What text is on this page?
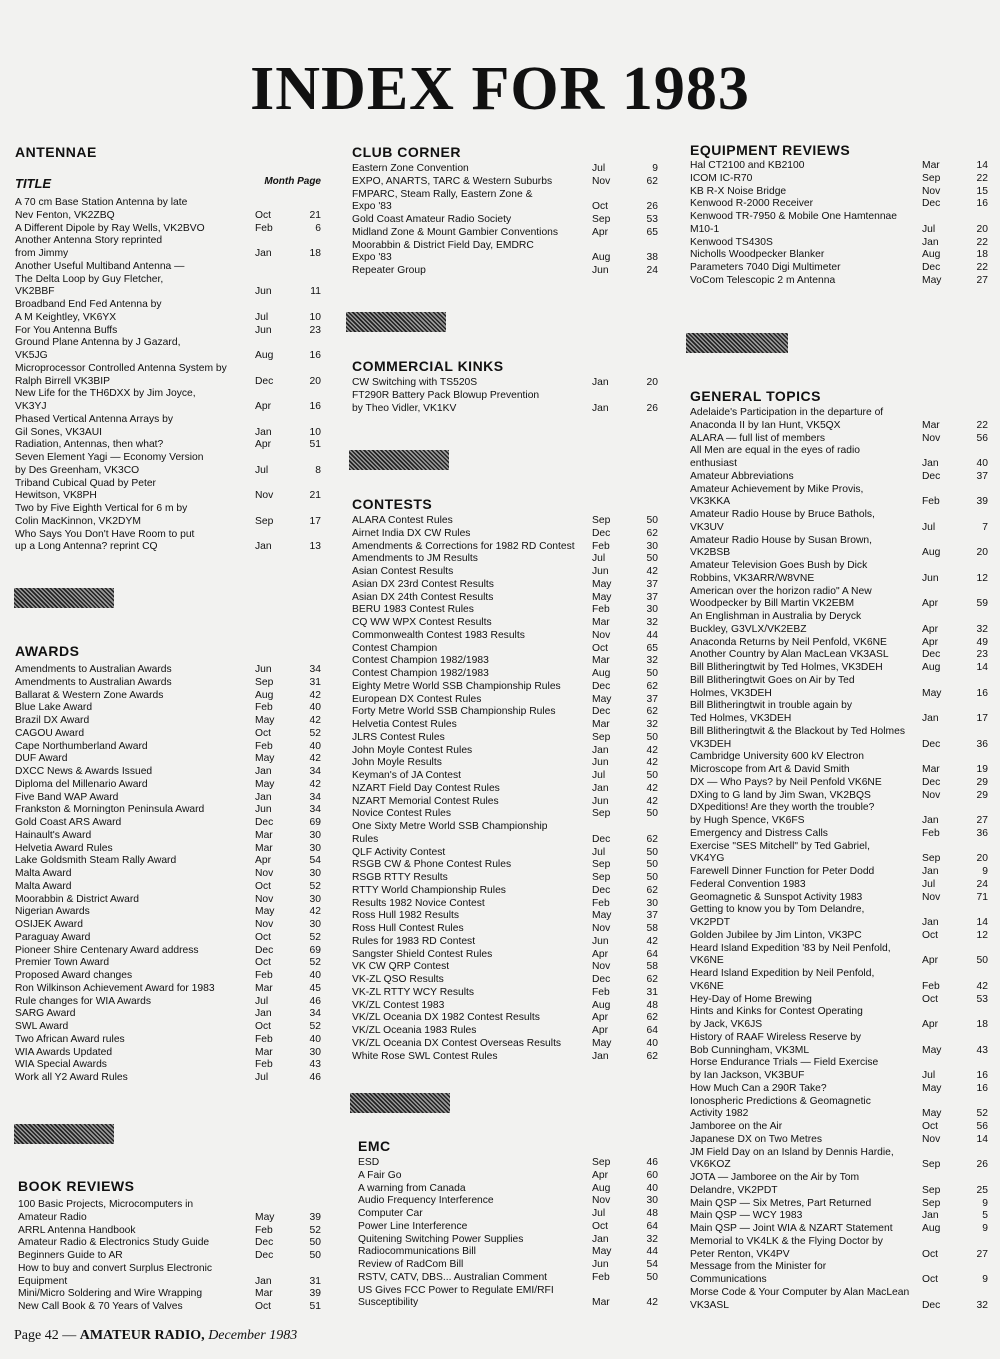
INDEX FOR 1983
ANTENNAE
TITLE	Month Page
A 70 cm Base Station Antenna by late
Nev Fenton, VK2ZBQ	Oct	21
A Different Dipole by Ray Wells, VK2BVO	Feb	6
Another Antenna Story reprinted
from Jimmy	Jan	18
Another Useful Multiband Antenna —
The Delta Loop by Guy Fletcher,
VK2BBF	Jun	11
Broadband End Fed Antenna by
A M Keightley, VK6YX	Jul	10
For You Antenna Buffs	Jun	23
Ground Plane Antenna by J Gazard,
VK5JG	Aug	16
Microprocessor Controlled Antenna System by
Ralph Birrell VK3BIP	Dec	20
New Life for the TH6DXX by Jim Joyce,
VK3YJ	Apr	16
Phased Vertical Antenna Arrays by
Gil Sones, VK3AUI	Jan	10
Radiation, Antennas, then what?	Apr	51
Seven Element Yagi — Economy Version
by Des Greenham, VK3CO	Jul	8
Triband Cubical Quad by Peter
Hewitson, VK8PH	Nov	21
Two by Five Eighth Vertical for 6 m by
Colin MacKinnon, VK2DYM	Sep	17
Who Says You Don't Have Room to put
up a Long Antenna? reprint CQ	Jan	13
AWARDS
Amendments to Australian Awards	Jun	34
Amendments to Australian Awards	Sep	31
Ballarat & Western Zone Awards	Aug	42
Blue Lake Award	Feb	40
Brazil DX Award	May	42
CAGOU Award	Oct	52
Cape Northumberland Award	Feb	40
DUF Award	May	42
DXCC News & Awards Issued	Jan	34
Diploma del Millenario Award	May	42
Five Band WAP Award	Jan	34
Frankston & Mornington Peninsula Award	Jun	34
Gold Coast ARS Award	Dec	69
Hainault's Award	Mar	30
Helvetia Award Rules	Mar	30
Lake Goldsmith Steam Rally Award	Apr	54
Malta Award	Nov	30
Malta Award	Oct	52
Moorabbin & District Award	Nov	30
Nigerian Awards	May	42
OSIJEK Award	Nov	30
Paraguay Award	Oct	52
Pioneer Shire Centenary Award address	Dec	69
Premier Town Award	Oct	52
Proposed Award changes	Feb	40
Ron Wilkinson Achievement Award for 1983	Mar	45
Rule changes for WIA Awards	Jul	46
SARG Award	Jan	34
SWL Award	Oct	52
Two African Award rules	Feb	40
WIA Awards Updated	Mar	30
WIA Special Awards	Feb	43
Work all Y2 Award Rules	Jul	46
BOOK REVIEWS
100 Basic Projects, Microcomputers in
Amateur Radio	May	39
ARRL Antenna Handbook	Feb	52
Amateur Radio & Electronics Study Guide	Dec	50
Beginners Guide to AR	Dec	50
How to buy and convert Surplus Electronic
Equipment	Jan	31
Mini/Micro Soldering and Wire Wrapping	Mar	39
New Call Book & 70 Years of Valves	Oct	51
CLUB CORNER
Eastern Zone Convention	Jul	9
EXPO, ANARTS, TARC & Western Suburbs	Nov	62
FMPARC, Steam Rally, Eastern Zone &
Expo '83	Oct	26
Gold Coast Amateur Radio Society	Sep	53
Midland Zone & Mount Gambier Conventions	Apr	65
Moorabbin & District Field Day, EMDRC
Expo '83	Aug	38
Repeater Group	Jun	24
COMMERCIAL KINKS
CW Switching with TS520S	Jan	20
FT290R Battery Pack Blowup Prevention
by Theo Vidler, VK1KV	Jan	26
CONTESTS
ALARA Contest Rules	Sep	50
Airnet India DX CW Rules	Dec	62
Amendments & Corrections for 1982 RD Contest	Feb	30
Amendments to JM Results	Jul	50
Asian Contest Results	Jun	42
Asian DX 23rd Contest Results	May	37
Asian DX 24th Contest Results	May	37
BERU 1983 Contest Rules	Feb	30
CQ WW WPX Contest Results	Mar	32
Commonwealth Contest 1983 Results	Nov	44
Contest Champion	Oct	65
Contest Champion 1982/1983	Mar	32
Contest Champion 1982/1983	Aug	50
Eighty Metre World SSB Championship Rules	Dec	62
European DX Contest Rules	May	37
Forty Metre World SSB Championship Rules	Dec	62
Helvetia Contest Rules	Mar	32
JLRS Contest Rules	Sep	50
John Moyle Contest Rules	Jan	42
John Moyle Results	Jun	42
Keyman's of JA Contest	Jul	50
NZART Field Day Contest Rules	Jan	42
NZART Memorial Contest Rules	Jun	42
Novice Contest Rules	Sep	50
One Sixty Metre World SSB Championship
Rules	Dec	62
QLF Activity Contest	Jul	50
RSGB CW & Phone Contest Rules	Sep	50
RSGB RTTY Results	Sep	50
RTTY World Championship Rules	Dec	62
Results 1982 Novice Contest	Feb	30
Ross Hull 1982 Results	May	37
Ross Hull Contest Rules	Nov	58
Rules for 1983 RD Contest	Jun	42
Sangster Shield Contest Rules	Apr	64
VK CW QRP Contest	Nov	58
VK-ZL QSO Results	Dec	62
VK-ZL RTTY WCY Results	Feb	31
VK/ZL Contest 1983	Aug	48
VK/ZL Oceania DX 1982 Contest Results	Apr	62
VK/ZL Oceania 1983 Rules	Apr	64
VK/ZL Oceania DX Contest Overseas Results	May	40
White Rose SWL Contest Rules	Jan	62
EMC
ESD	Sep	46
A Fair Go	Apr	60
A warning from Canada	Aug	40
Audio Frequency Interference	Nov	30
Computer Car	Jul	48
Power Line Interference	Oct	64
Quitening Switching Power Supplies	Jan	32
Radiocommunications Bill	May	44
Review of RadCom Bill	Jun	54
RSTV, CATV, DBS... Australian Comment	Feb	50
US Gives FCC Power to Regulate EMI/RFI
Susceptibility	Mar	42
EQUIPMENT REVIEWS
Hal CT2100 and KB2100	Mar	14
ICOM IC-R70	Sep	22
KB R-X Noise Bridge	Nov	15
Kenwood R-2000 Receiver	Dec	16
Kenwood TR-7950 & Mobile One Hamtennae
M10-1	Jul	20
Kenwood TS430S	Jan	22
Nicholls Woodpecker Blanker	Aug	18
Parameters 7040 Digi Multimeter	Dec	22
VoCom Telescopic 2 m Antenna	May	27
GENERAL TOPICS
Adelaide's Participation in the departure of
Anaconda II by Ian Hunt, VK5QX	Mar	22
ALARA — full list of members	Nov	56
All Men are equal in the eyes of radio
enthusiast	Jan	40
Amateur Abbreviations	Dec	37
Amateur Achievement by Mike Provis,
VK3KKA	Feb	39
Amateur Radio House by Bruce Bathols,
VK3UV	Jul	7
Amateur Radio House by Susan Brown,
VK2BSB	Aug	20
Amateur Television Goes Bush by Dick
Robbins, VK3ARR/W8VNE	Jun	12
American over the horizon radio" A New
Woodpecker by Bill Martin VK2EBM	Apr	59
An Englishman in Australia by Deryck
Buckley, G3VLX/VK2EBZ	Apr	32
Anaconda Returns by Neil Penfold, VK6NE	Apr	49
Another Country by Alan MacLean VK3ASL	Dec	23
Bill Blitheringtwit by Ted Holmes, VK3DEH	Aug	14
Bill Blitheringtwit Goes on Air by Ted
Holmes, VK3DEH	May	16
Bill Blitheringtwit in trouble again by
Ted Holmes, VK3DEH	Jan	17
Bill Blitheringtwit & the Blackout by Ted Holmes
VK3DEH	Dec	36
Cambridge University 600 kV Electron
Microscope from Art & David Smith	Mar	19
DX — Who Pays? by Neil Penfold VK6NE	Dec	29
DXing to G land by Jim Swan, VK2BQS	Nov	29
DXpeditions! Are they worth the trouble?
by Hugh Spence, VK6FS	Jan	27
Emergency and Distress Calls	Feb	36
Exercise "SES Mitchell" by Ted Gabriel,
VK4YG	Sep	20
Farewell Dinner Function for Peter Dodd	Jan	9
Federal Convention 1983	Jul	24
Geomagnetic & Sunspot Activity 1983	Nov	71
Getting to know you by Tom Delandre,
VK2PDT	Jan	14
Golden Jubilee by Jim Linton, VK3PC	Oct	12
Heard Island Expedition '83 by Neil Penfold,
VK6NE	Apr	50
Heard Island Expedition by Neil Penfold,
VK6NE	Feb	42
Hey-Day of Home Brewing	Oct	53
Hints and Kinks for Contest Operating
by Jack, VK6JS	Apr	18
History of RAAF Wireless Reserve by
Bob Cunningham, VK3ML	May	43
Horse Endurance Trials — Field Exercise
by Ian Jackson, VK3BUF	Jul	16
How Much Can a 290R Take?	May	16
Ionospheric Predictions & Geomagnetic
Activity 1982	May	52
Jamboree on the Air	Oct	56
Japanese DX on Two Metres	Nov	14
JM Field Day on an Island by Dennis Hardie,
VK6KOZ	Sep	26
JOTA — Jamboree on the Air by Tom
Delandre, VK2PDT	Sep	25
Main QSP — Six Metres, Part Returned	Sep	9
Main QSP — WCY 1983	Jan	5
Main QSP — Joint WIA & NZART Statement	Aug	9
Memorial to VK4LK & the Flying Doctor by
Peter Renton, VK4PV	Oct	27
Message from the Minister for
Communications	Oct	9
Morse Code & Your Computer by Alan MacLean
VK3ASL	Dec	32
Page 42 — AMATEUR RADIO, December 1983
